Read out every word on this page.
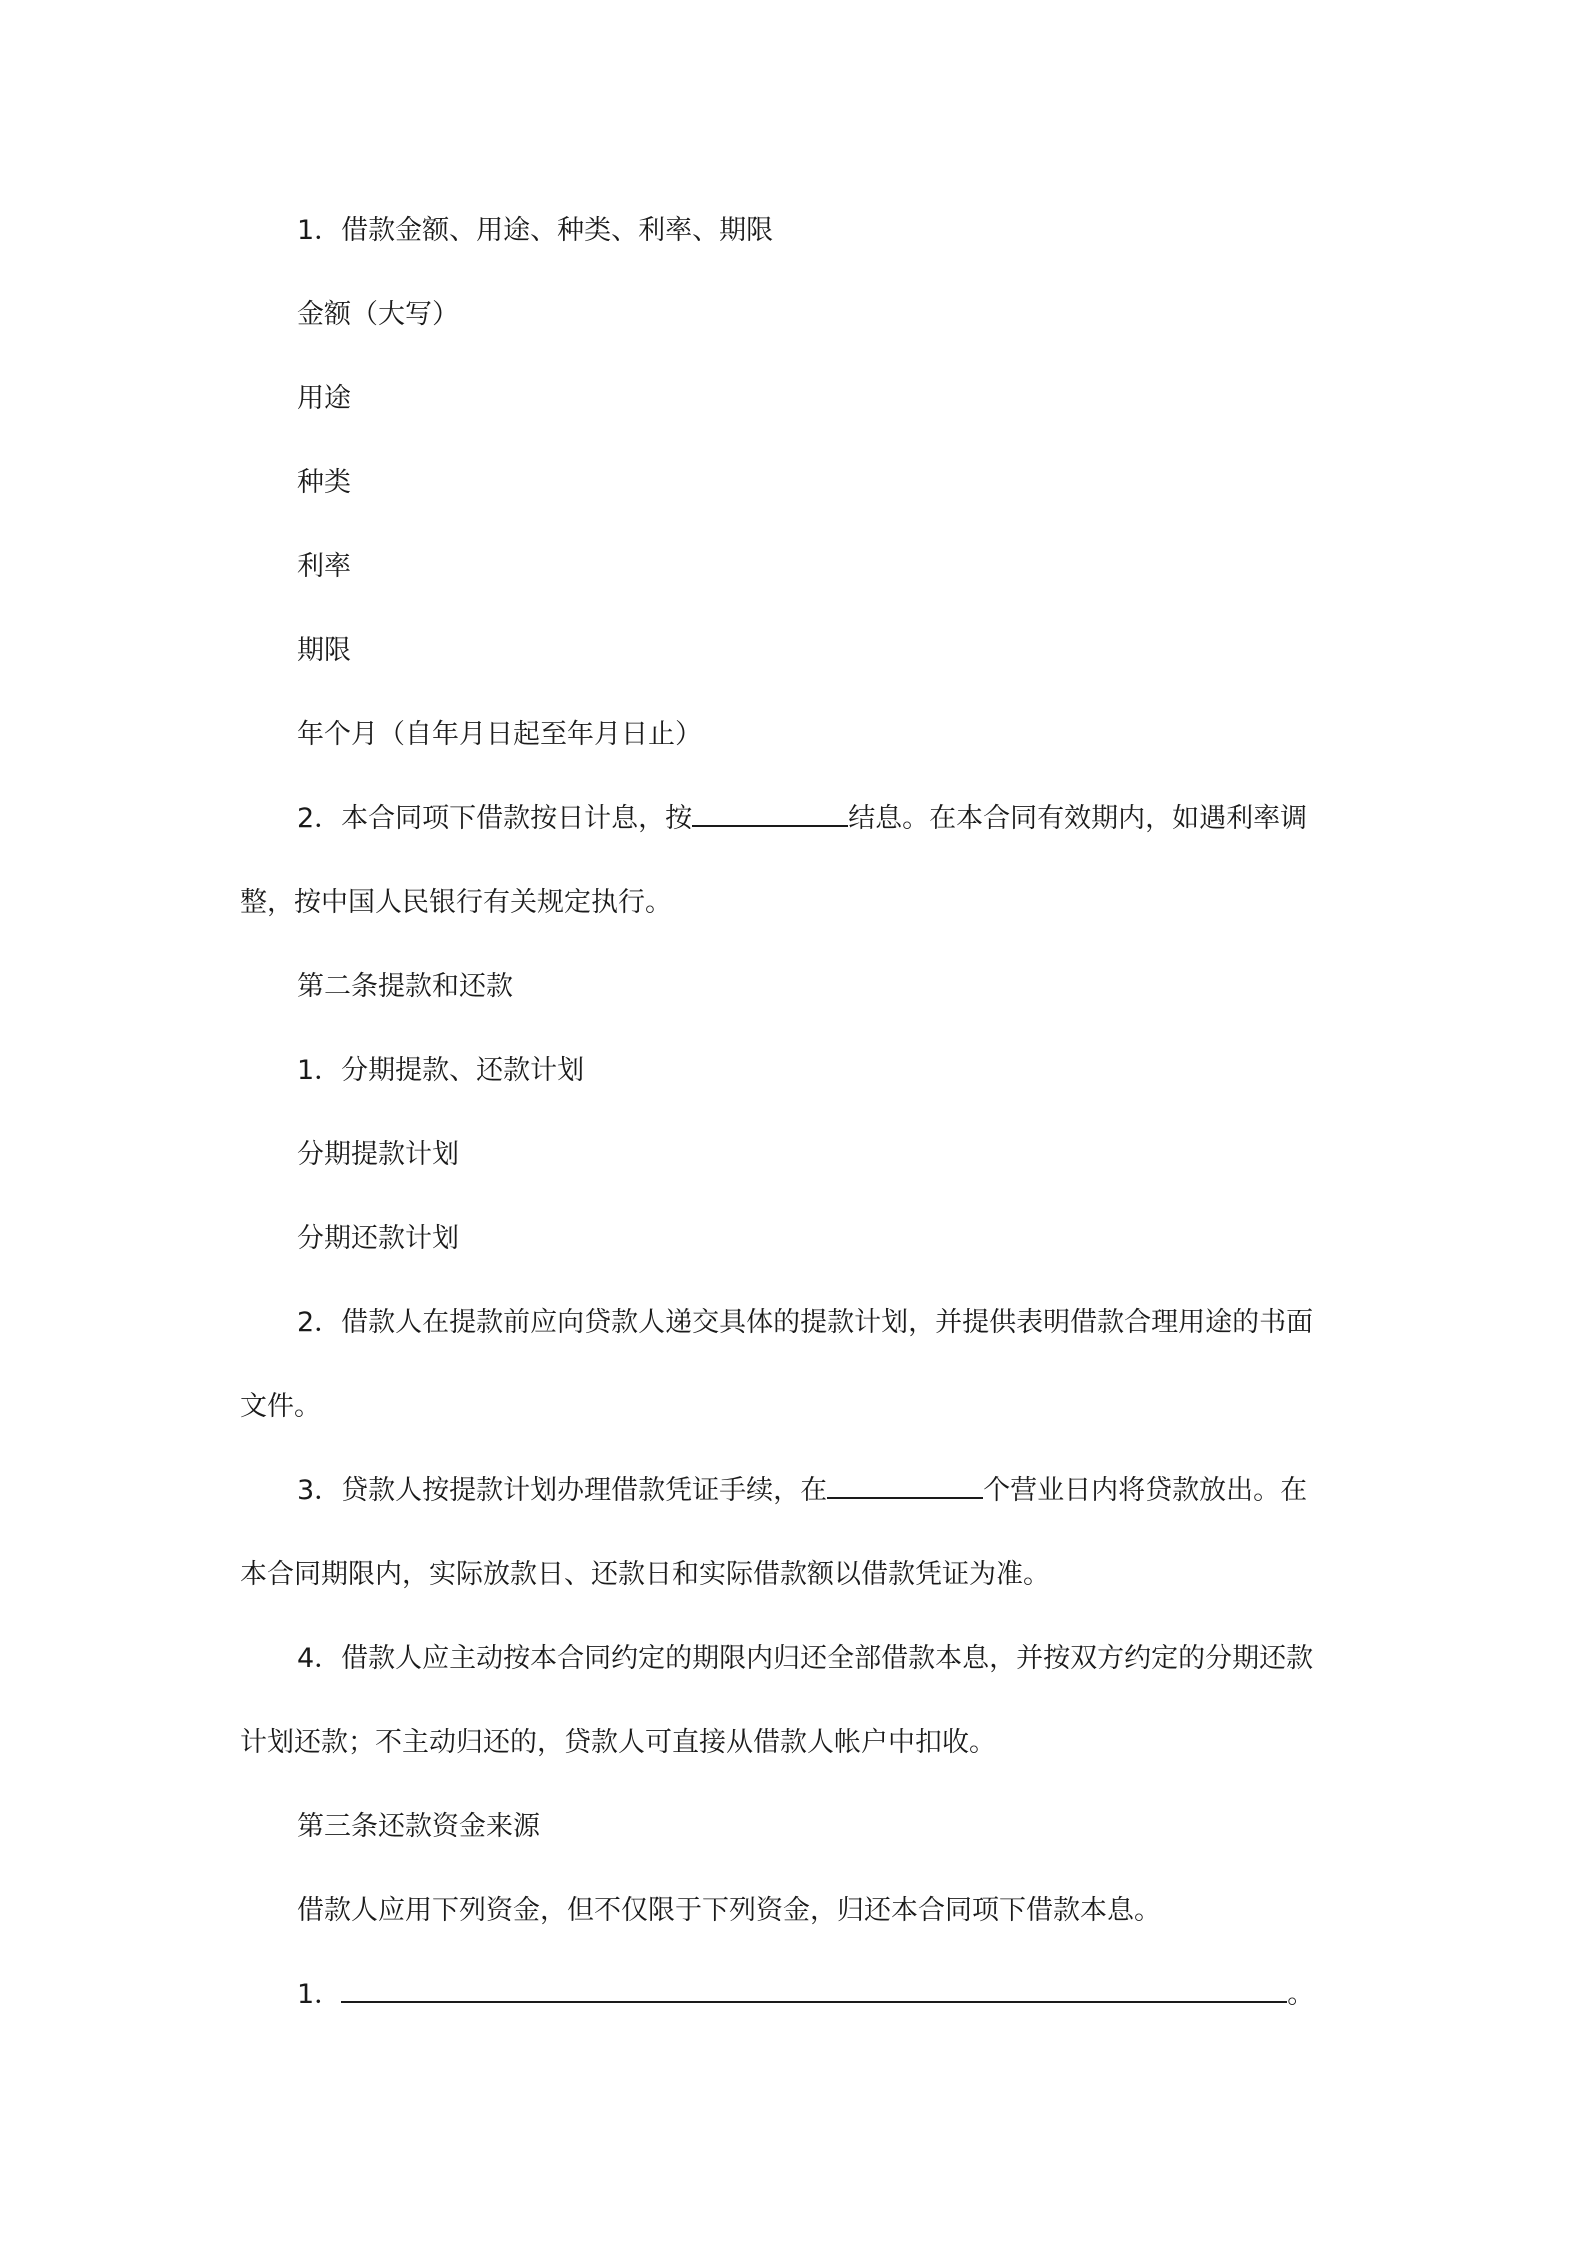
1．借款金额、用途、种类、利率、期限

金额（大写）

用途

种类

利率

期限

年个月（自年月日起至年月日止）

2．本合同项下借款按日计息，按	结息。在本合同有效期内，如遇利率调

整，按中国人民银行有关规定执行。

第二条提款和还款

1．分期提款、还款计划

分期提款计划

分期还款计划

2．借款人在提款前应向贷款人递交具体的提款计划，并提供表明借款合理用途的书面

文件。

3．贷款人按提款计划办理借款凭证手续，在	个营业日内将贷款放出。在

本合同期限内，实际放款日、还款日和实际借款额以借款凭证为准。

4．借款人应主动按本合同约定的期限内归还全部借款本息，并按双方约定的分期还款

计划还款；不主动归还的，贷款人可直接从借款人帐户中扣收。

第三条还款资金来源

借款人应用下列资金，但不仅限于下列资金，归还本合同项下借款本息。

1．	。
